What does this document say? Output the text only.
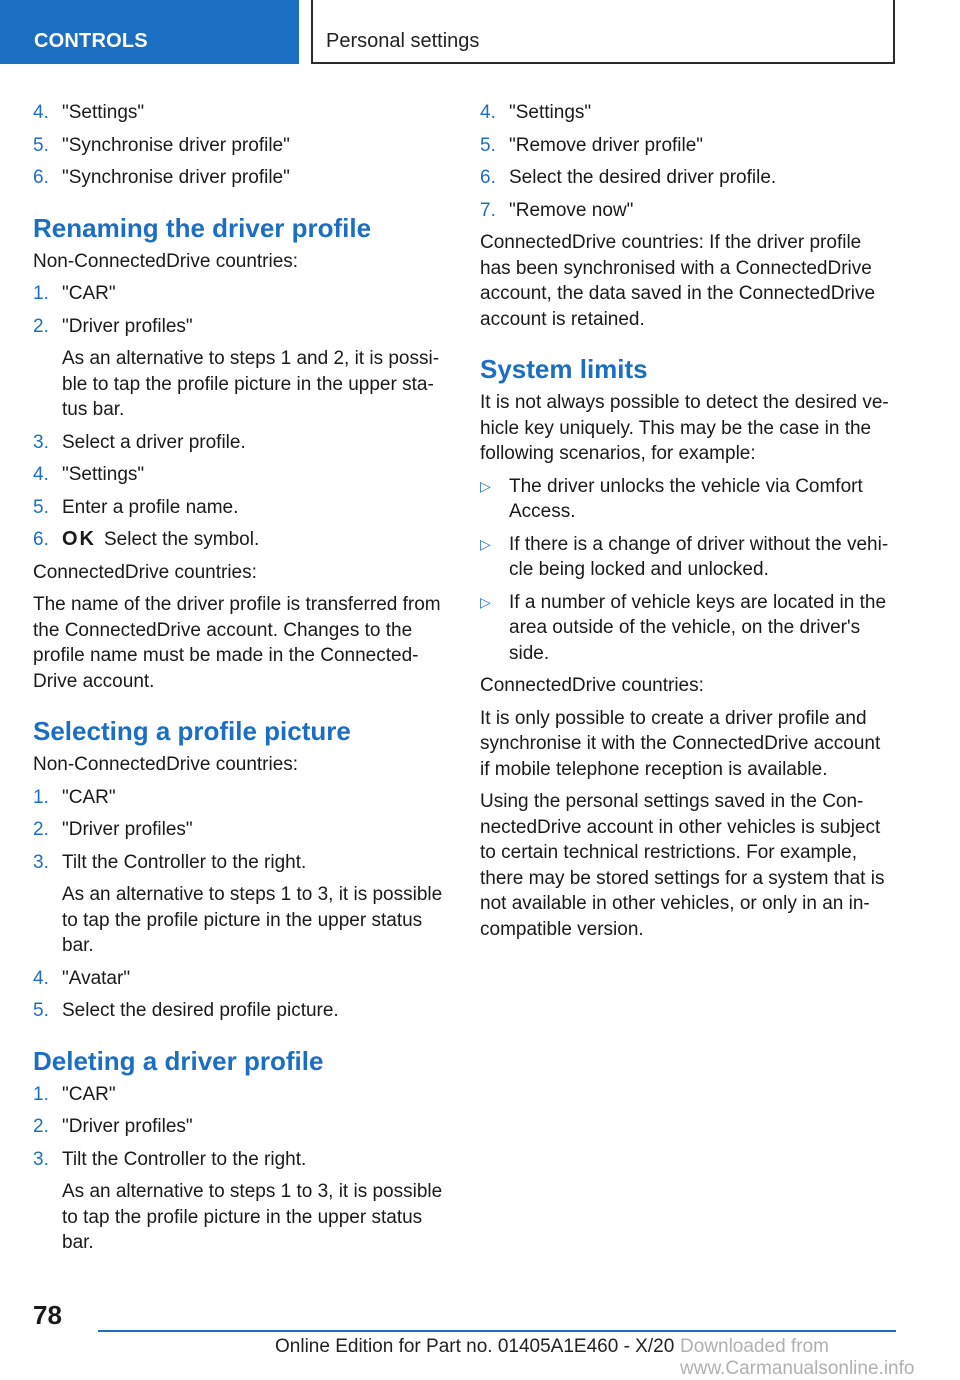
CONTROLS	Personal settings
4. "Settings"
5. "Synchronise driver profile"
6. "Synchronise driver profile"
Renaming the driver profile
Non-ConnectedDrive countries:
1. "CAR"
2. "Driver profiles"
As an alternative to steps 1 and 2, it is possi-ble to tap the profile picture in the upper sta-tus bar.
3. Select a driver profile.
4. "Settings"
5. Enter a profile name.
6. OK Select the symbol.
ConnectedDrive countries:
The name of the driver profile is transferred from the ConnectedDrive account. Changes to the profile name must be made in the Connected-Drive account.
Selecting a profile picture
Non-ConnectedDrive countries:
1. "CAR"
2. "Driver profiles"
3. Tilt the Controller to the right.
As an alternative to steps 1 to 3, it is possible to tap the profile picture in the upper status bar.
4. "Avatar"
5. Select the desired profile picture.
Deleting a driver profile
1. "CAR"
2. "Driver profiles"
3. Tilt the Controller to the right.
As an alternative to steps 1 to 3, it is possible to tap the profile picture in the upper status bar.
4. "Settings"
5. "Remove driver profile"
6. Select the desired driver profile.
7. "Remove now"
ConnectedDrive countries: If the driver profile has been synchronised with a ConnectedDrive account, the data saved in the ConnectedDrive account is retained.
System limits
It is not always possible to detect the desired ve-hicle key uniquely. This may be the case in the following scenarios, for example:
▷ The driver unlocks the vehicle via Comfort Access.
▷ If there is a change of driver without the vehi-cle being locked and unlocked.
▷ If a number of vehicle keys are located in the area outside of the vehicle, on the driver's side.
ConnectedDrive countries:
It is only possible to create a driver profile and synchronise it with the ConnectedDrive account if mobile telephone reception is available.
Using the personal settings saved in the Con-nectedDrive account in other vehicles is subject to certain technical restrictions. For example, there may be stored settings for a system that is not available in other vehicles, or only in an in-compatible version.
78
Online Edition for Part no. 01405A1E460 - X/20 Downloaded from www.Carmanualsonline.info
